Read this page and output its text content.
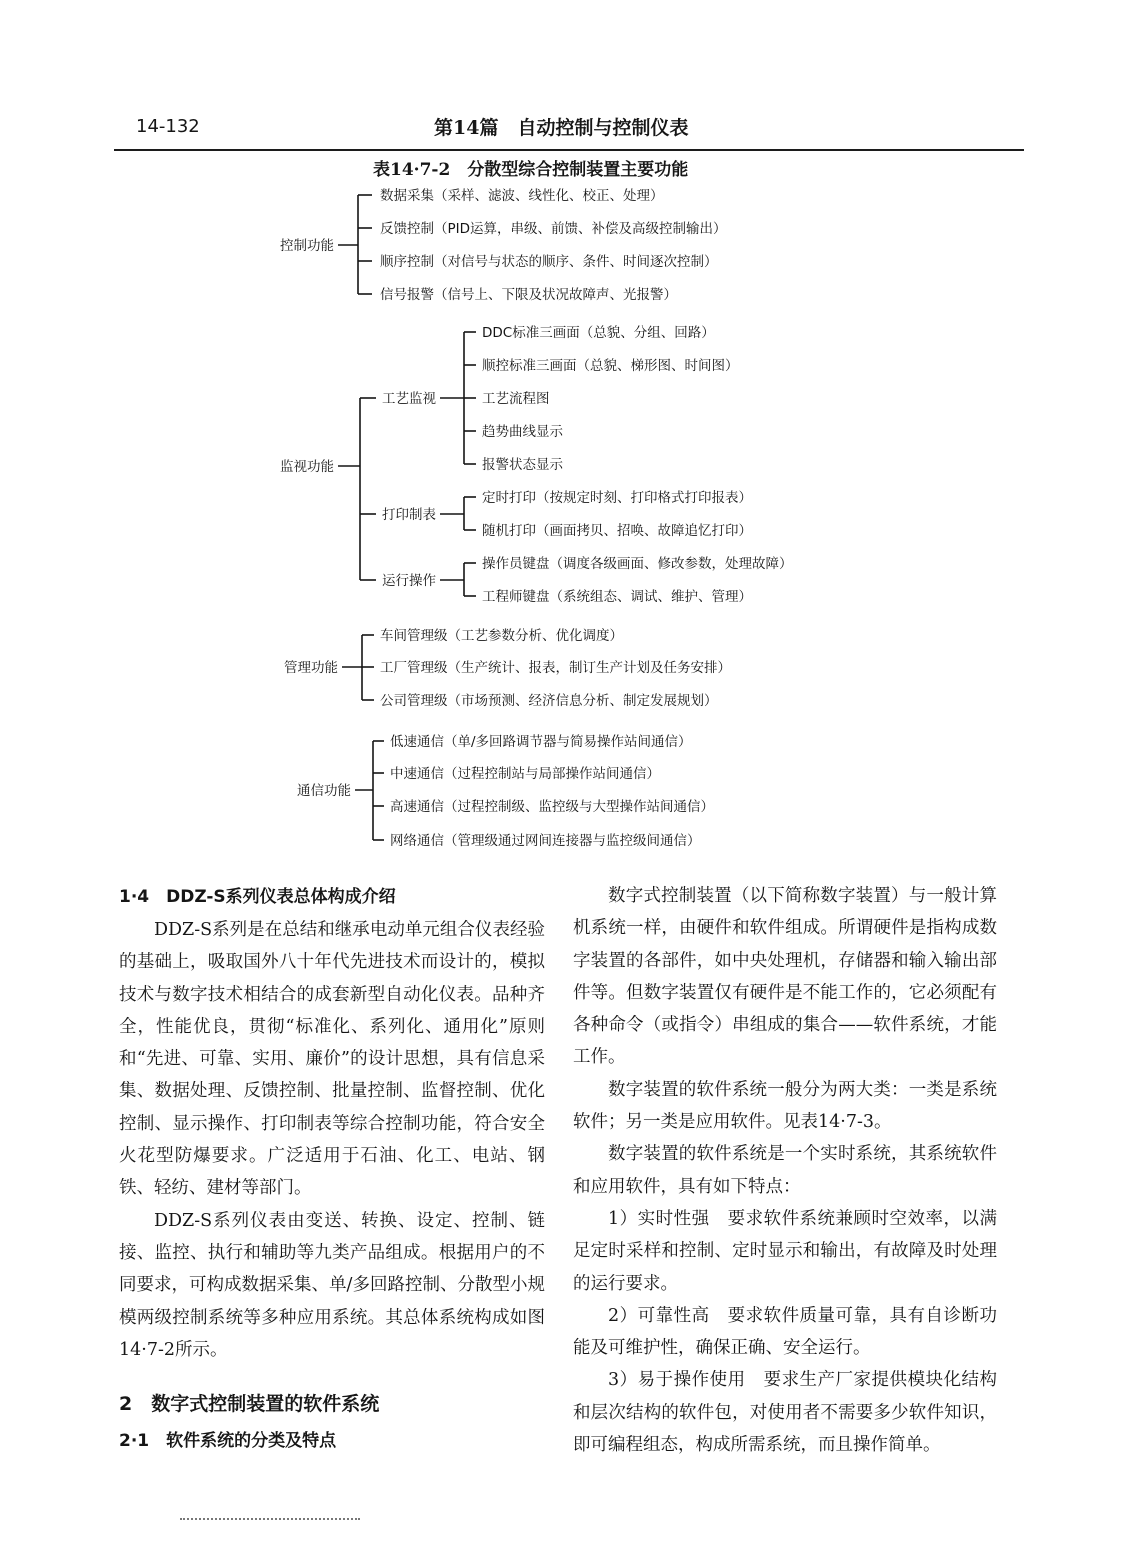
14-132	第14篇　自动控制与控制仪表
表14·7-2　分散型综合控制装置主要功能
控制功能
数据采集（采样、滤波、线性化、校正、处理）
反馈控制（PID运算，串级、前馈、补偿及高级控制输出）
顺序控制（对信号与状态的顺序、条件、时间逐次控制）
信号报警（信号上、下限及状况故障声、光报警）
监视功能
工艺监视
DDC标准三画面（总貌、分组、回路）
顺控标准三画面（总貌、梯形图、时间图）
工艺流程图
趋势曲线显示
报警状态显示
打印制表
定时打印（按规定时刻、打印格式打印报表）
随机打印（画面拷贝、招唤、故障追忆打印）
运行操作
操作员键盘（调度各级画面、修改参数，处理故障）
工程师键盘（系统组态、调试、维护、管理）
管理功能
车间管理级（工艺参数分析、优化调度）
工厂管理级（生产统计、报表，制订生产计划及任务安排）
公司管理级（市场预测、经济信息分析、制定发展规划）
通信功能
低速通信（单/多回路调节器与简易操作站间通信）
中速通信（过程控制站与局部操作站间通信）
高速通信（过程控制级、监控级与大型操作站间通信）
网络通信（管理级通过网间连接器与监控级间通信）
1·4　DDZ-S系列仪表总体构成介绍

DDZ-S系列是在总结和继承电动单元组合仪表经验的基础上，吸取国外八十年代先进技术而设计的，模拟技术与数字技术相结合的成套新型自动化仪表。品种齐全，性能优良，贯彻“标准化、系列化、通用化”原则和“先进、可靠、实用、廉价”的设计思想，具有信息采集、数据处理、反馈控制、批量控制、监督控制、优化控制、显示操作、打印制表等综合控制功能，符合安全火花型防爆要求。广泛适用于石油、化工、电站、钢铁、轻纺、建材等部门。

DDZ-S系列仪表由变送、转换、设定、控制、链接、监控、执行和辅助等九类产品组成。根据用户的不同要求，可构成数据采集、单/多回路控制、分散型小规模两级控制系统等多种应用系统。其总体系统构成如图14·7-2所示。

2　数字式控制装置的软件系统
2·1　软件系统的分类及特点

数字式控制装置（以下简称数字装置）与一般计算机系统一样，由硬件和软件组成。所谓硬件是指构成数字装置的各部件，如中央处理机，存储器和输入输出部件等。但数字装置仅有硬件是不能工作的，它必须配有各种命令（或指令）串组成的集合——软件系统，才能工作。

数字装置的软件系统一般分为两大类：一类是系统软件；另一类是应用软件。见表14·7-3。

数字装置的软件系统是一个实时系统，其系统软件和应用软件，具有如下特点：

1）实时性强　要求软件系统兼顾时空效率，以满足定时采样和控制、定时显示和输出，有故障及时处理的运行要求。

2）可靠性高　要求软件质量可靠，具有自诊断功能及可维护性，确保正确、安全运行。

3）易于操作使用　要求生产厂家提供模块化结构和层次结构的软件包，对使用者不需要多少软件知识，即可编程组态，构成所需系统，而且操作简单。
